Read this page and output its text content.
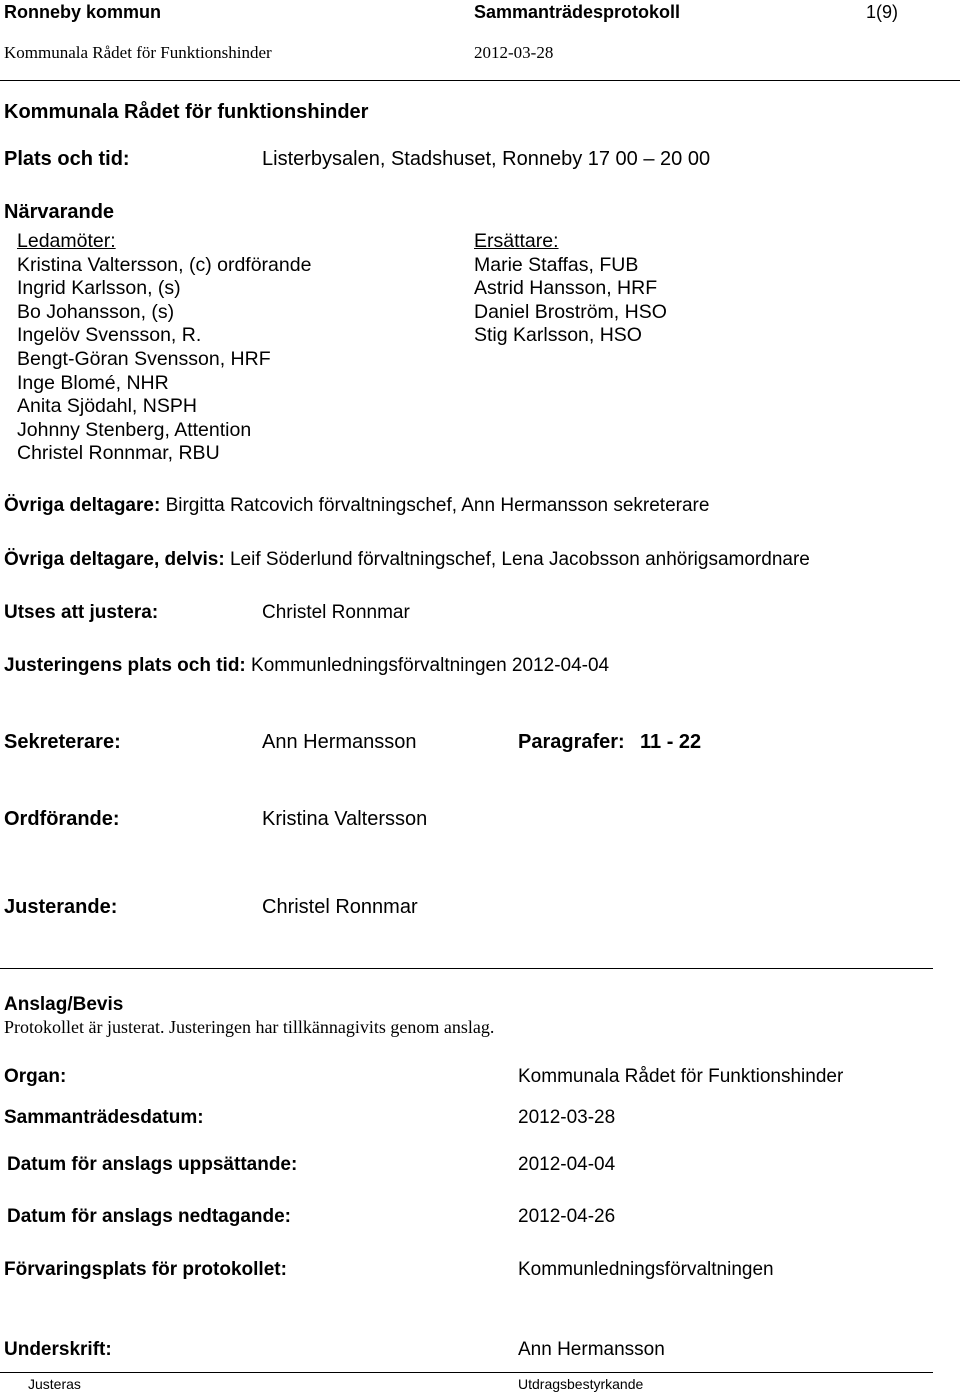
Ronneby kommun	Sammanträdesprotokoll	1(9)
Kommunala Rådet för Funktionshinder	2012-03-28
Kommunala Rådet för funktionshinder
Plats och tid:	Listerbysalen, Stadshuset, Ronneby 17 00 – 20 00
Närvarande
Ledamöter:
Kristina Valtersson, (c) ordförande
Ingrid Karlsson, (s)
Bo Johansson, (s)
Ingelöv Svensson, R.
Bengt-Göran Svensson, HRF
Inge Blomé, NHR
Anita Sjödahl, NSPH
Johnny Stenberg, Attention
Christel Ronnmar, RBU
Ersättare:
Marie Staffas, FUB
Astrid Hansson, HRF
Daniel Broström, HSO
Stig Karlsson, HSO
Övriga deltagare: Birgitta Ratcovich förvaltningschef, Ann Hermansson sekreterare
Övriga deltagare, delvis: Leif Söderlund förvaltningschef, Lena Jacobsson anhörigsamordnare
Utses att justera:	Christel Ronnmar
Justeringens plats och tid: Kommunledningsförvaltningen 2012-04-04
Sekreterare:	Ann Hermansson	Paragrafer: 11 - 22
Ordförande:	Kristina Valtersson
Justerande:	Christel Ronnmar
Anslag/Bevis
Protokollet är justerat. Justeringen har tillkännagivits genom anslag.
Organ:	Kommunala Rådet för Funktionshinder
Sammanträdesdatum:	2012-03-28
Datum för anslags uppsättande:	2012-04-04
Datum för anslags nedtagande:	2012-04-26
Förvaringsplats för protokollet:	Kommunledningsförvaltningen
Underskrift:	Ann Hermansson
Justeras	Utdragsbestyrkande
